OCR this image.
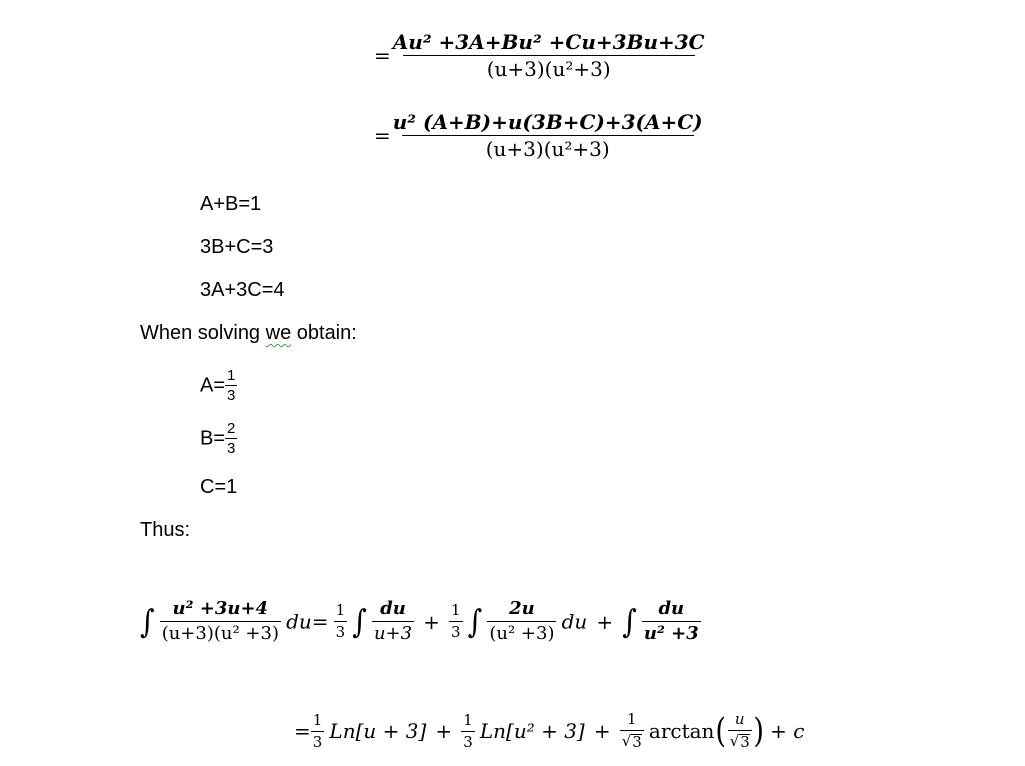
= $\frac{\text{Au² +3A+Bu² +Cu+3Bu+3C}}{\text{(u+3)(u²+3)}}$
= $\frac{\text{u² (A+B)+u(3B+C)+3(A+C)}}{\text{(u+3)(u²+3)}}$
A+B=1
3B+C=3
3A+3C=4
When solving we obtain:
$A= \frac{1}{3}$
$B= \frac{2}{3}$
C=1
Thus:
∫ $\frac{\text{u² +3u+4}}{\text{(u+3)(u² +3)}} du= \frac{1}{3}$ ∫ $\frac{du}{u+3} + \frac{1}{3}$ ∫ $\frac{2u}{\text{(u² +3)}}$ du + ∫ $\frac{du}{\text{u² +3}}$
= $\frac{1}{3} Ln[u + 3] + \frac{1}{3} Ln[u^2 + 3] + \frac{1}{√ 3} \arctan( \frac{u}{√ 3}$ ) + c
